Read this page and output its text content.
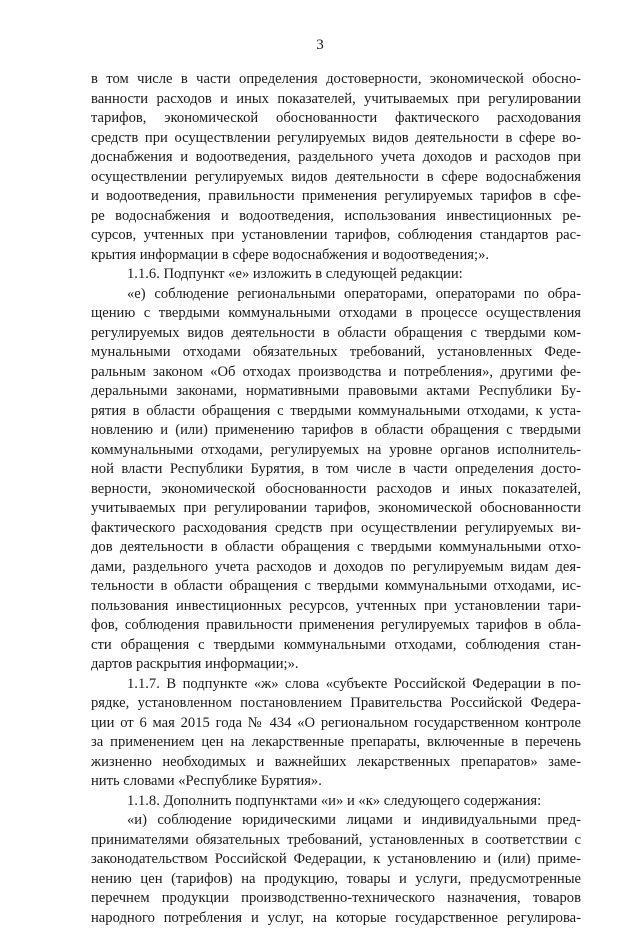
3
в том числе в части определения достоверности, экономической обосно-
ванности расходов и иных показателей, учитываемых при регулировании
тарифов, экономической обоснованности фактического расходования
средств при осуществлении регулируемых видов деятельности в сфере во-
доснабжения и водоотведения, раздельного учета доходов и расходов при
осуществлении регулируемых видов деятельности в сфере водоснабжения
и водоотведения, правильности применения регулируемых тарифов в сфе-
ре водоснабжения и водоотведения, использования инвестиционных ре-
сурсов, учтенных при установлении тарифов, соблюдения стандартов рас-
крытия информации в сфере водоснабжения и водоотведения;».
1.1.6. Подпункт «е» изложить в следующей редакции:
«е) соблюдение региональными операторами, операторами по обра-
щению с твердыми коммунальными отходами в процессе осуществления
регулируемых видов деятельности в области обращения с твердыми ком-
мунальными отходами обязательных требований, установленных Феде-
ральным законом «Об отходах производства и потребления», другими фе-
деральными законами, нормативными правовыми актами Республики Бу-
рятия в области обращения с твердыми коммунальными отходами, к уста-
новлению и (или) применению тарифов в области обращения с твердыми
коммунальными отходами, регулируемых на уровне органов исполнитель-
ной власти Республики Бурятия, в том числе в части определения досто-
верности, экономической обоснованности расходов и иных показателей,
учитываемых при регулировании тарифов, экономической обоснованности
фактического расходования средств при осуществлении регулируемых ви-
дов деятельности в области обращения с твердыми коммунальными отхо-
дами, раздельного учета расходов и доходов по регулируемым видам дея-
тельности в области обращения с твердыми коммунальными отходами, ис-
пользования инвестиционных ресурсов, учтенных при установлении тари-
фов, соблюдения правильности применения регулируемых тарифов в обла-
сти обращения с твердыми коммунальными отходами, соблюдения стан-
дартов раскрытия информации;».
1.1.7. В подпункте «ж» слова «субъекте Российской Федерации в по-
рядке, установленном постановлением Правительства Российской Федера-
ции от 6 мая 2015 года № 434 «О региональном государственном контроле
за применением цен на лекарственные препараты, включенные в перечень
жизненно необходимых и важнейших лекарственных препаратов» замe-
нить словами «Республике Бурятия».
1.1.8. Дополнить подпунктами «и» и «к» следующего содержания:
«и) соблюдение юридическими лицами и индивидуальными пред-
принимателями обязательных требований, установленных в соответствии с
законодательством Российской Федерации, к установлению и (или) приме-
нению цен (тарифов) на продукцию, товары и услуги, предусмотренные
перечнем продукции производственно-технического назначения, товаров
народного потребления и услуг, на которые государственное регулирова-
